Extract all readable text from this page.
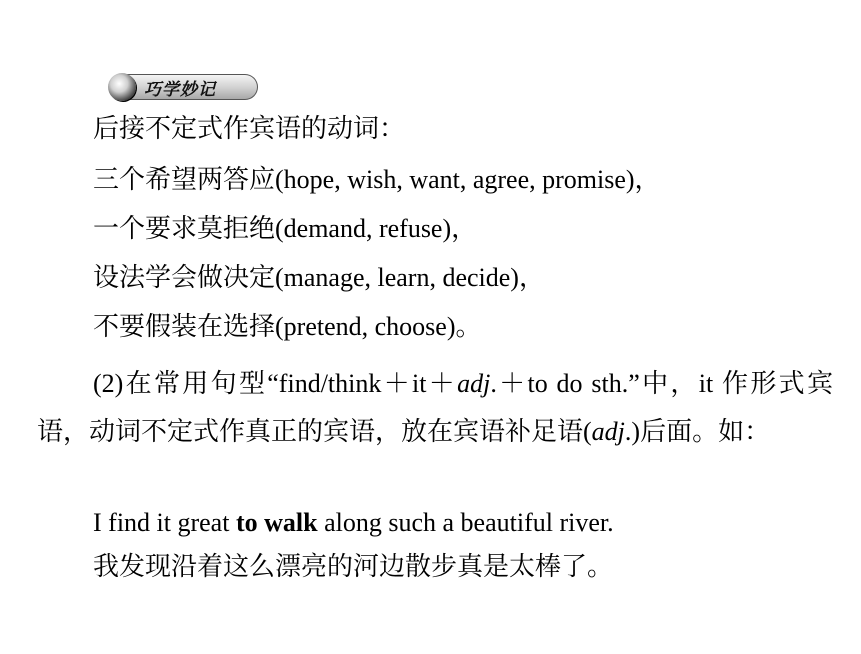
巧学妙记
后接不定式作宾语的动词：
三个希望两答应(hope, wish, want, agree, promise)，
一个要求莫拒绝(demand, refuse)，
设法学会做决定(manage, learn, decide)，
不要假装在选择(pretend, choose)。
(2)在常用句型“find/think＋it＋adj.＋to do sth.”中，it 作形式宾语，动词不定式作真正的宾语，放在宾语补足语(adj.)后面。如：
I find it great to walk along such a beautiful river.
我发现沿着这么漂亮的河边散步真是太棒了。
